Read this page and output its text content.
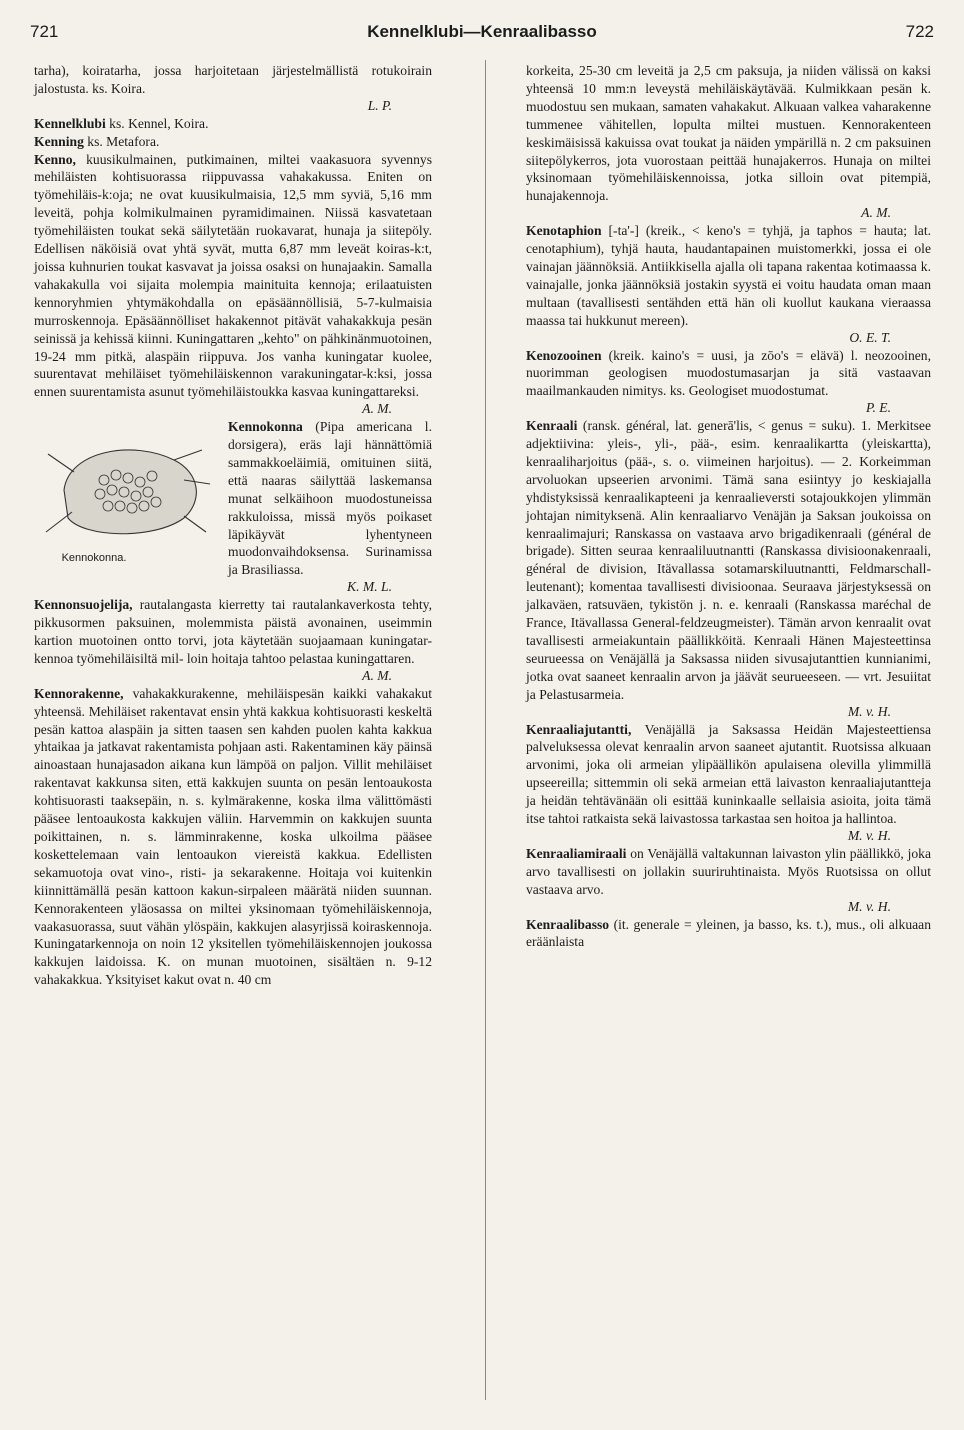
721	Kennelklubi—Kenraalibasso	722

tarha), koiratarha, jossa harjoitetaan järjestelmällistä rotukoirain jalostusta. ks. Koira.
L. P.

Kennelklubi ks. Kennel, Koira.

Kenning ks. Metafora.

Kenno, kuusikulmainen, putkimainen, miltei vaakasuora syvennys mehiläisten kohtisuorassa riippuvassa vahakakussa. Eniten on työmehiläis-k:oja; ne ovat kuusikulmaisia, 12,5 mm syviä, 5,16 mm leveitä, pohja kolmikulmainen pyramidimainen. Niissä kasvatetaan työmehiläisten toukat sekä säilytetään ruokavarat, hunaja ja siitepöly. Edellisen näköisiä ovat yhtä syvät, mutta 6,87 mm leveät koiras-k:t, joissa kuhnurien toukat kasvavat ja joissa osaksi on hunajaakin. Samalla vahakakulla voi sijaita molempia mainituita kennoja; erilaatuisten kennoryhmien yhtymäkohdalla on epäsäännöllisiä, 5-7-kulmaisia murroskennoja. Epäsäännölliset hakakennot pitävät vahakakkuja pesän seinissä ja kehissä kiinni. Kuningattaren „kehto" on pähkinänmuotoinen, 19-24 mm pitkä, alaspäin riippuva. Jos vanha kuningatar kuolee, suurentavat mehiläiset työmehiläiskennon varakuningatar-k:ksi, jossa ennen suurentamista asunut työmehiläistoukka kasvaa kuningattareksi.
A. M.

Kennokonna.
Kennokonna (Pipa americana l. dorsigera), eräs laji hännättömiä sammakkoeläimiä, omituinen siitä, että naaras säilyttää laskemansa munat selkäihoon muodostuneissa rakkuloissa, missä myös poikaset läpikäyvät lyhentyneen muodonvaihdoksensa. Surinamissa ja Brasiliassa.
K. M. L.

Kennonsuojelija, rautalangasta kierretty tai rautalankaverkosta tehty, pikkusormen paksuinen, molemmista päistä avonainen, useimmin kartion muotoinen ontto torvi, jota käytetään suojaamaan kuningatar-kennoa työmehiläisiltä mil- loin hoitaja tahtoo pelastaa kuningattaren.
A. M.

Kennorakenne, vahakakkurakenne, mehiläispesän kaikki vahakakut yhteensä. Mehiläiset rakentavat ensin yhtä kakkua kohtisuorasti keskeltä pesän kattoa alaspäin ja sitten taasen sen kahden puolen kahta kakkua yhtaikaa ja jatkavat rakentamista pohjaan asti. Rakentaminen käy päinsä ainoastaan hunajasadon aikana kun lämpöä on paljon. Villit mehiläiset rakentavat kakkunsa siten, että kakkujen suunta on pesän lentoaukosta kohtisuorasti taaksepäin, n. s. kylmärakenne, koska ilma välittömästi pääsee lentoaukosta kakkujen väliin. Harvemmin on kakkujen suunta poikittainen, n. s. lämminrakenne, koska ulkoilma pääsee koskettelemaan vain lentoaukon viereistä kakkua. Edellisten sekamuotoja ovat vino-, risti- ja sekarakenne. Hoitaja voi kuitenkin kiinnittämällä pesän kattoon kakun-sirpaleen määrätä niiden suunnan. Kennorakenteen yläosassa on miltei yksinomaan työmehiläiskennoja, vaakasuorassa, suut vähän ylöspäin, kakkujen alasyrjissä koiraskennoja. Kuningatarkennoja on noin 12 yksitellen työmehiläiskennojen joukossa kakkujen laidoissa. K. on munan muotoinen, sisältäen n. 9-12 vahakakkua. Yksityiset kakut ovat n. 40 cm

korkeita, 25-30 cm leveitä ja 2,5 cm paksuja, ja niiden välissä on kaksi yhteensä 10 mm:n leveystä mehiläiskäytävää. Kulmikkaan pesän k. muodostuu sen mukaan, samaten vahakakut. Alkuaan valkea vaharakenne tummenee vähitellen, lopulta miltei mustuen. Kennorakenteen keskimäisissä kakuissa ovat toukat ja näiden ympärillä n. 2 cm paksuinen siitepölykerros, jota vuorostaan peittää hunajakerros. Hunaja on miltei yksinomaan työmehiläiskennoissa, jotka silloin ovat pitempiä, hunajakennoja.
A. M.

Kenotaphion [-ta'-] (kreik., < keno's = tyhjä, ja taphos = hauta; lat. cenotaphium), tyhjä hauta, haudantapainen muistomerkki, jossa ei ole vainajan jäännöksiä. Antiikkisella ajalla oli tapana rakentaa kotimaassa k. vainajalle, jonka jäännöksiä jostakin syystä ei voitu haudata oman maan multaan (tavallisesti sentähden että hän oli kuollut kaukana vieraassa maassa tai hukkunut mereen).
O. E. T.

Kenozooinen (kreik. kaino's = uusi, ja zōo's = elävä) l. neozooinen, nuorimman geologisen muodostumasarjan ja sitä vastaavan maailmankauden nimitys. ks. Geologiset muodostumat.
P. E.

Kenraali (ransk. général, lat. generā'lis, < genus = suku). 1. Merkitsee adjektiivina: yleis-, yli-, pää-, esim. kenraalikartta (yleiskartta), kenraaliharjoitus (pää-, s. o. viimeinen harjoitus). — 2. Korkeimman arvoluokan upseerien arvonimi. Tämä sana esiintyy jo keskiajalla yhdistyksissä kenraalikapteeni ja kenraalieversti sotajoukkojen ylimmän johtajan nimityksenä. Alin kenraaliarvo Venäjän ja Saksan joukoissa on kenraalimajuri; Ranskassa on vastaava arvo brigadikenraali (général de brigade). Sitten seuraa kenraaliluutnantti (Ranskassa divisioonakenraali, général de division, Itävallassa sotamarskiluutnantti, Feldmarschall-leutenant); komentaa tavallisesti divisioonaa. Seuraava järjestyksessä on jalkaväen, ratsuväen, tykistön j. n. e. kenraali (Ranskassa maréchal de France, Itävallassa General-feldzeugmeister). Tämän arvon kenraalit ovat tavallisesti armeiakuntain päällikköitä. Kenraali Hänen Majesteettinsa seurueessa on Venäjällä ja Saksassa niiden sivusajutanttien kunnianimi, jotka ovat saaneet kenraalin arvon ja jäävät seurueeseen. — vrt. Jesuiitat ja Pelastusarmeia.
M. v. H.

Kenraaliajutantti, Venäjällä ja Saksassa Heidän Majesteettiensa palveluksessa olevat kenraalin arvon saaneet ajutantit. Ruotsissa alkuaan arvonimi, joka oli armeian ylipäällikön apulaisena olevilla ylimmillä upseereilla; sittemmin oli sekä armeian että laivaston kenraaliajutantteja ja heidän tehtävänään oli esittää kuninkaalle sellaisia asioita, joita tämä itse tahtoi ratkaista sekä laivastossa tarkastaa sen hoitoa ja hallintoa.
M. v. H.

Kenraaliamiraali on Venäjällä valtakunnan laivaston ylin päällikkö, joka arvo tavallisesti on jollakin suuriruhtinaista. Myös Ruotsissa on ollut vastaava arvo.
M. v. H.

Kenraalibasso (it. generale = yleinen, ja basso, ks. t.), mus., oli alkuaan eräänlaista
